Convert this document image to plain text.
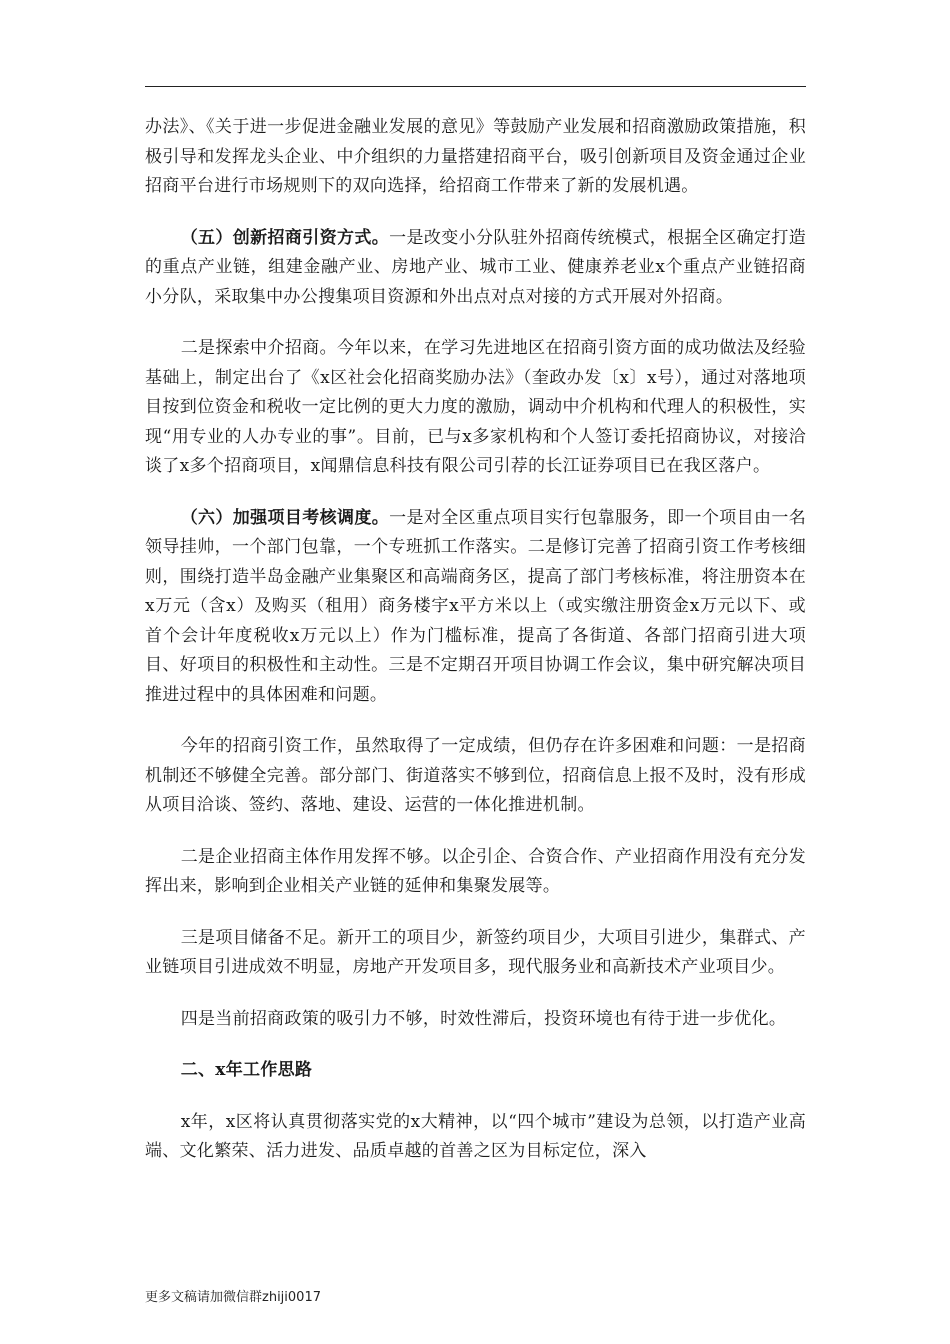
办法》、《关于进一步促进金融业发展的意见》等鼓励产业发展和招商激励政策措施，积极引导和发挥龙头企业、中介组织的力量搭建招商平台，吸引创新项目及资金通过企业招商平台进行市场规则下的双向选择，给招商工作带来了新的发展机遇。

（五）创新招商引资方式。一是改变小分队驻外招商传统模式，根据全区确定打造的重点产业链，组建金融产业、房地产业、城市工业、健康养老业x个重点产业链招商小分队，采取集中办公搜集项目资源和外出点对点对接的方式开展对外招商。

二是探索中介招商。今年以来，在学习先进地区在招商引资方面的成功做法及经验基础上，制定出台了《x区社会化招商奖励办法》（奎政办发〔x〕x号），通过对落地项目按到位资金和税收一定比例的更大力度的激励，调动中介机构和代理人的积极性，实现“用专业的人办专业的事”。目前，已与x多家机构和个人签订委托招商协议，对接洽谈了x多个招商项目，x闻鼎信息科技有限公司引荐的长江证券项目已在我区落户。

（六）加强项目考核调度。一是对全区重点项目实行包靠服务，即一个项目由一名领导挂帅，一个部门包靠，一个专班抓工作落实。二是修订完善了招商引资工作考核细则，围绕打造半岛金融产业集聚区和高端商务区，提高了部门考核标准，将注册资本在x万元（含x）及购买（租用）商务楼宇x平方米以上（或实缴注册资金x万元以下、或首个会计年度税收x万元以上）作为门槛标准，提高了各街道、各部门招商引进大项目、好项目的积极性和主动性。三是不定期召开项目协调工作会议，集中研究解决项目推进过程中的具体困难和问题。

今年的招商引资工作，虽然取得了一定成绩，但仍存在许多困难和问题：一是招商机制还不够健全完善。部分部门、街道落实不够到位，招商信息上报不及时，没有形成从项目洽谈、签约、落地、建设、运营的一体化推进机制。

二是企业招商主体作用发挥不够。以企引企、合资合作、产业招商作用没有充分发挥出来，影响到企业相关产业链的延伸和集聚发展等。

三是项目储备不足。新开工的项目少，新签约项目少，大项目引进少，集群式、产业链项目引进成效不明显，房地产开发项目多，现代服务业和高新技术产业项目少。

四是当前招商政策的吸引力不够，时效性滞后，投资环境也有待于进一步优化。

二、x年工作思路

x年，x区将认真贯彻落实党的x大精神，以“四个城市”建设为总领，以打造产业高端、文化繁荣、活力进发、品质卓越的首善之区为目标定位，深入

更多文稿请加微信群zhiji0017
